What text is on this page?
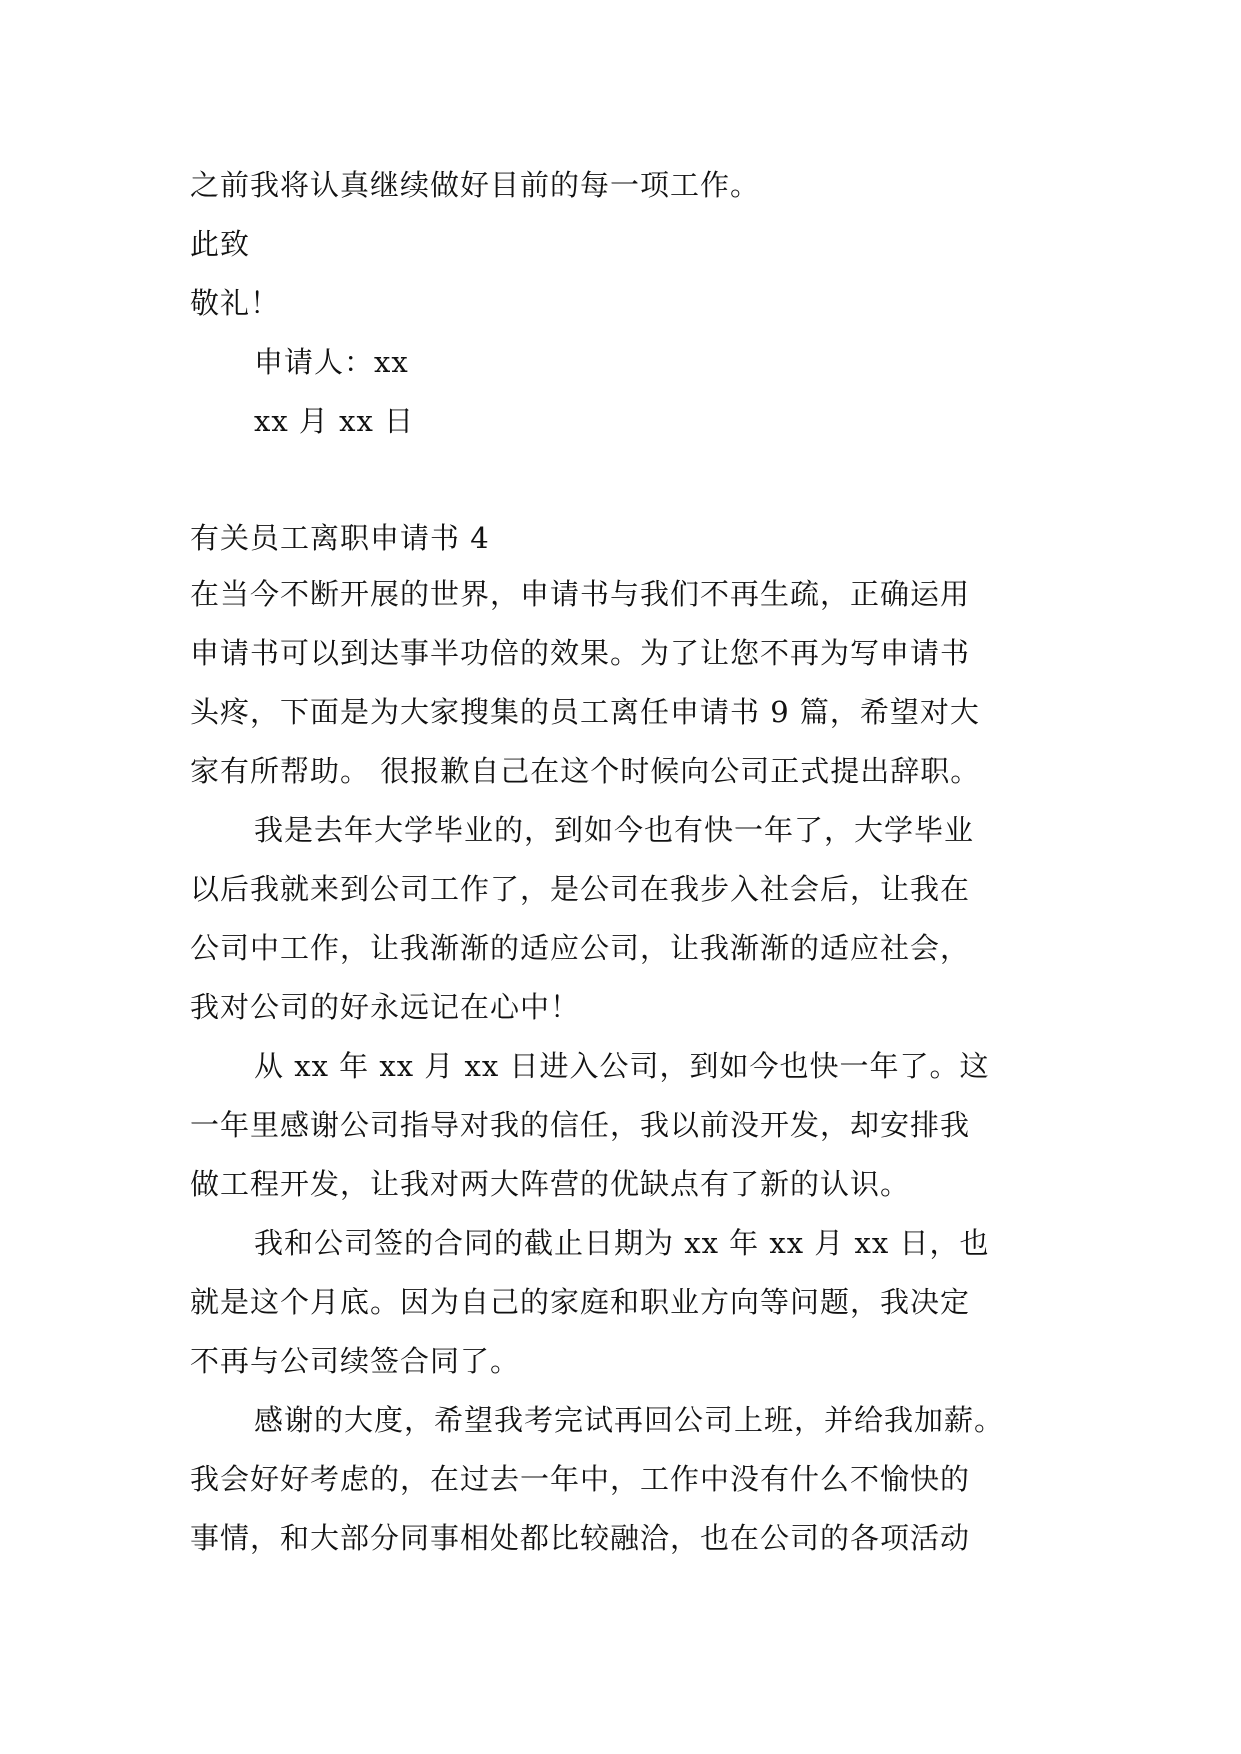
之前我将认真继续做好目前的每一项工作。
此致
敬礼！
申请人：xx
xx 月 xx 日
有关员工离职申请书 4
在当今不断开展的世界，申请书与我们不再生疏，正确运用
申请书可以到达事半功倍的效果。为了让您不再为写申请书
头疼，下面是为大家搜集的员工离任申请书 9 篇，希望对大
家有所帮助。 很报歉自己在这个时候向公司正式提出辞职。
我是去年大学毕业的，到如今也有快一年了，大学毕业
以后我就来到公司工作了，是公司在我步入社会后，让我在
公司中工作，让我渐渐的适应公司，让我渐渐的适应社会，
我对公司的好永远记在心中！
从 xx 年 xx 月 xx 日进入公司，到如今也快一年了。这
一年里感谢公司指导对我的信任，我以前没开发，却安排我
做工程开发，让我对两大阵营的优缺点有了新的认识。
我和公司签的合同的截止日期为 xx 年 xx 月 xx 日，也
就是这个月底。因为自己的家庭和职业方向等问题，我决定
不再与公司续签合同了。
感谢的大度，希望我考完试再回公司上班，并给我加薪。
我会好好考虑的，在过去一年中，工作中没有什么不愉快的
事情，和大部分同事相处都比较融洽，也在公司的各项活动
